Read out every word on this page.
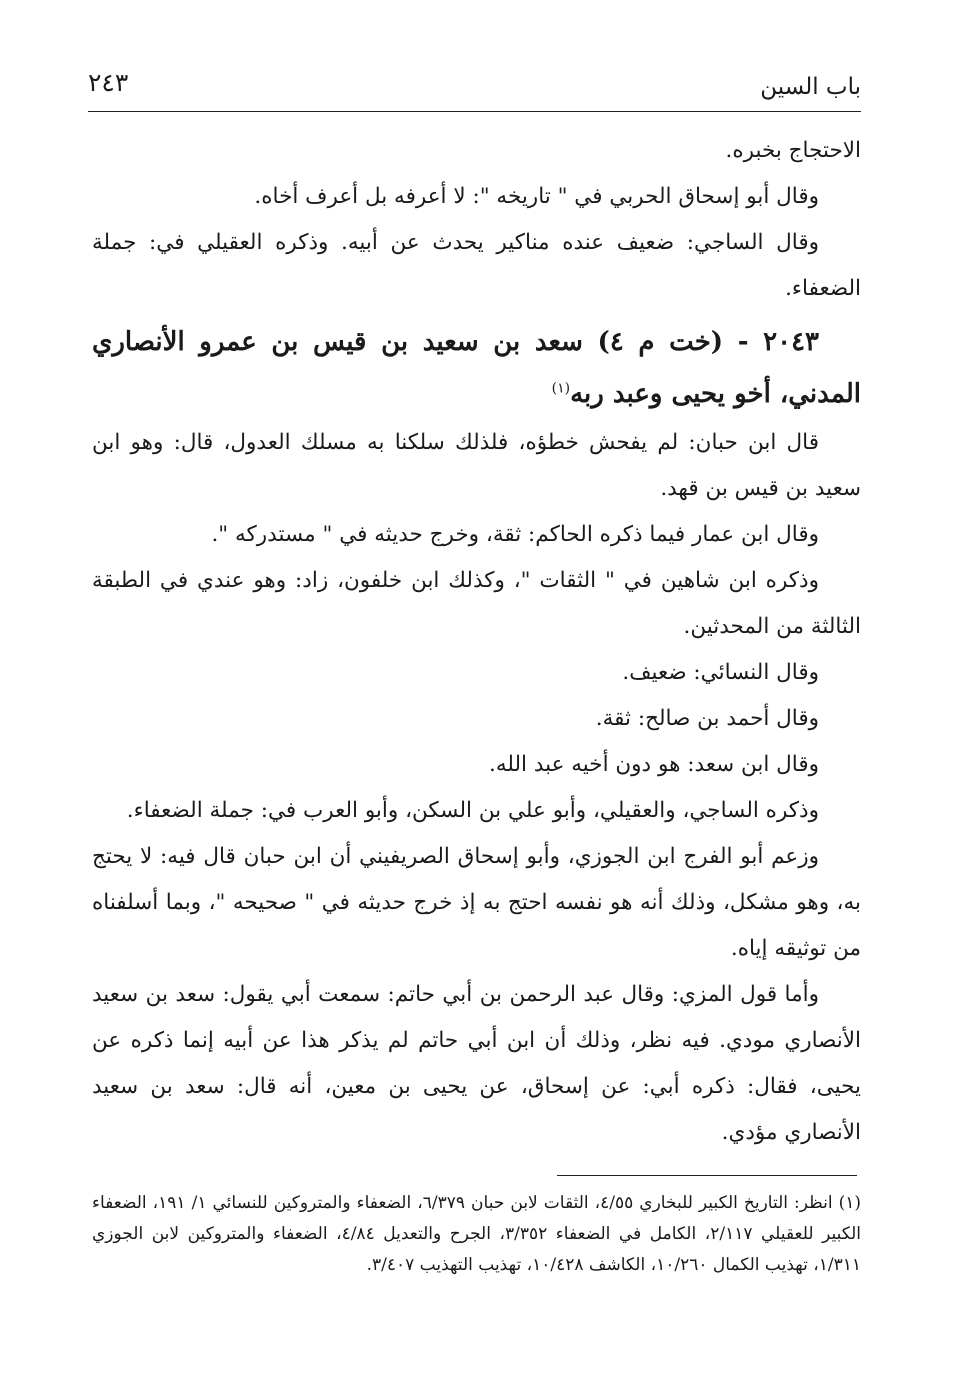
باب السين
٢٤٣

الاحتجاج بخبره.

وقال أبو إسحاق الحربي في " تاريخه ": لا أعرفه بل أعرف أخاه.

وقال الساجي: ضعيف عنده مناكير يحدث عن أبيه. وذكره العقيلي في: جملة الضعفاء.

٢٠٤٣ - (خت م ٤) سعد بن سعيد بن قيس بن عمرو الأنصاري المدني، أخو يحيى وعبد ربه$^{(١)}$

قال ابن حبان: لم يفحش خطؤه، فلذلك سلكنا به مسلك العدول، قال: وهو ابن سعيد بن قيس بن قهد.

وقال ابن عمار فيما ذكره الحاكم: ثقة، وخرج حديثه في " مستدركه ".

وذكره ابن شاهين في " الثقات "، وكذلك ابن خلفون، زاد: وهو عندي في الطبقة الثالثة من المحدثين.

وقال النسائي: ضعيف.

وقال أحمد بن صالح: ثقة.

وقال ابن سعد: هو دون أخيه عبد الله.

وذكره الساجي، والعقيلي، وأبو علي بن السكن، وأبو العرب في: جملة الضعفاء.

وزعم أبو الفرج ابن الجوزي، وأبو إسحاق الصريفيني أن ابن حبان قال فيه: لا يحتج به، وهو مشكل، وذلك أنه هو نفسه احتج به إذ خرج حديثه في " صحيحه "، وبما أسلفناه من توثيقه إياه.

وأما قول المزي: وقال عبد الرحمن بن أبي حاتم: سمعت أبي يقول: سعد بن سعيد الأنصاري مودي. فيه نظر، وذلك أن ابن أبي حاتم لم يذكر هذا عن أبيه إنما ذكره عن يحيى، فقال: ذكره أبي: عن إسحاق، عن يحيى بن معين، أنه قال: سعد بن سعيد الأنصاري مؤدي.

(١) انظر: التاريخ الكبير للبخاري ٤/٥٥، الثقات لابن حبان ٦/٣٧٩، الضعفاء والمتروكين للنسائي ١/ ١٩١، الضعفاء الكبير للعقيلي ٢/١١٧، الكامل في الضعفاء ٣/٣٥٢، الجرح والتعديل ٤/٨٤، الضعفاء والمتروكين لابن الجوزي ١/٣١١، تهذيب الكمال ١٠/٢٦٠، الكاشف ١٠/٤٢٨، تهذيب التهذيب ٣/٤٠٧.
